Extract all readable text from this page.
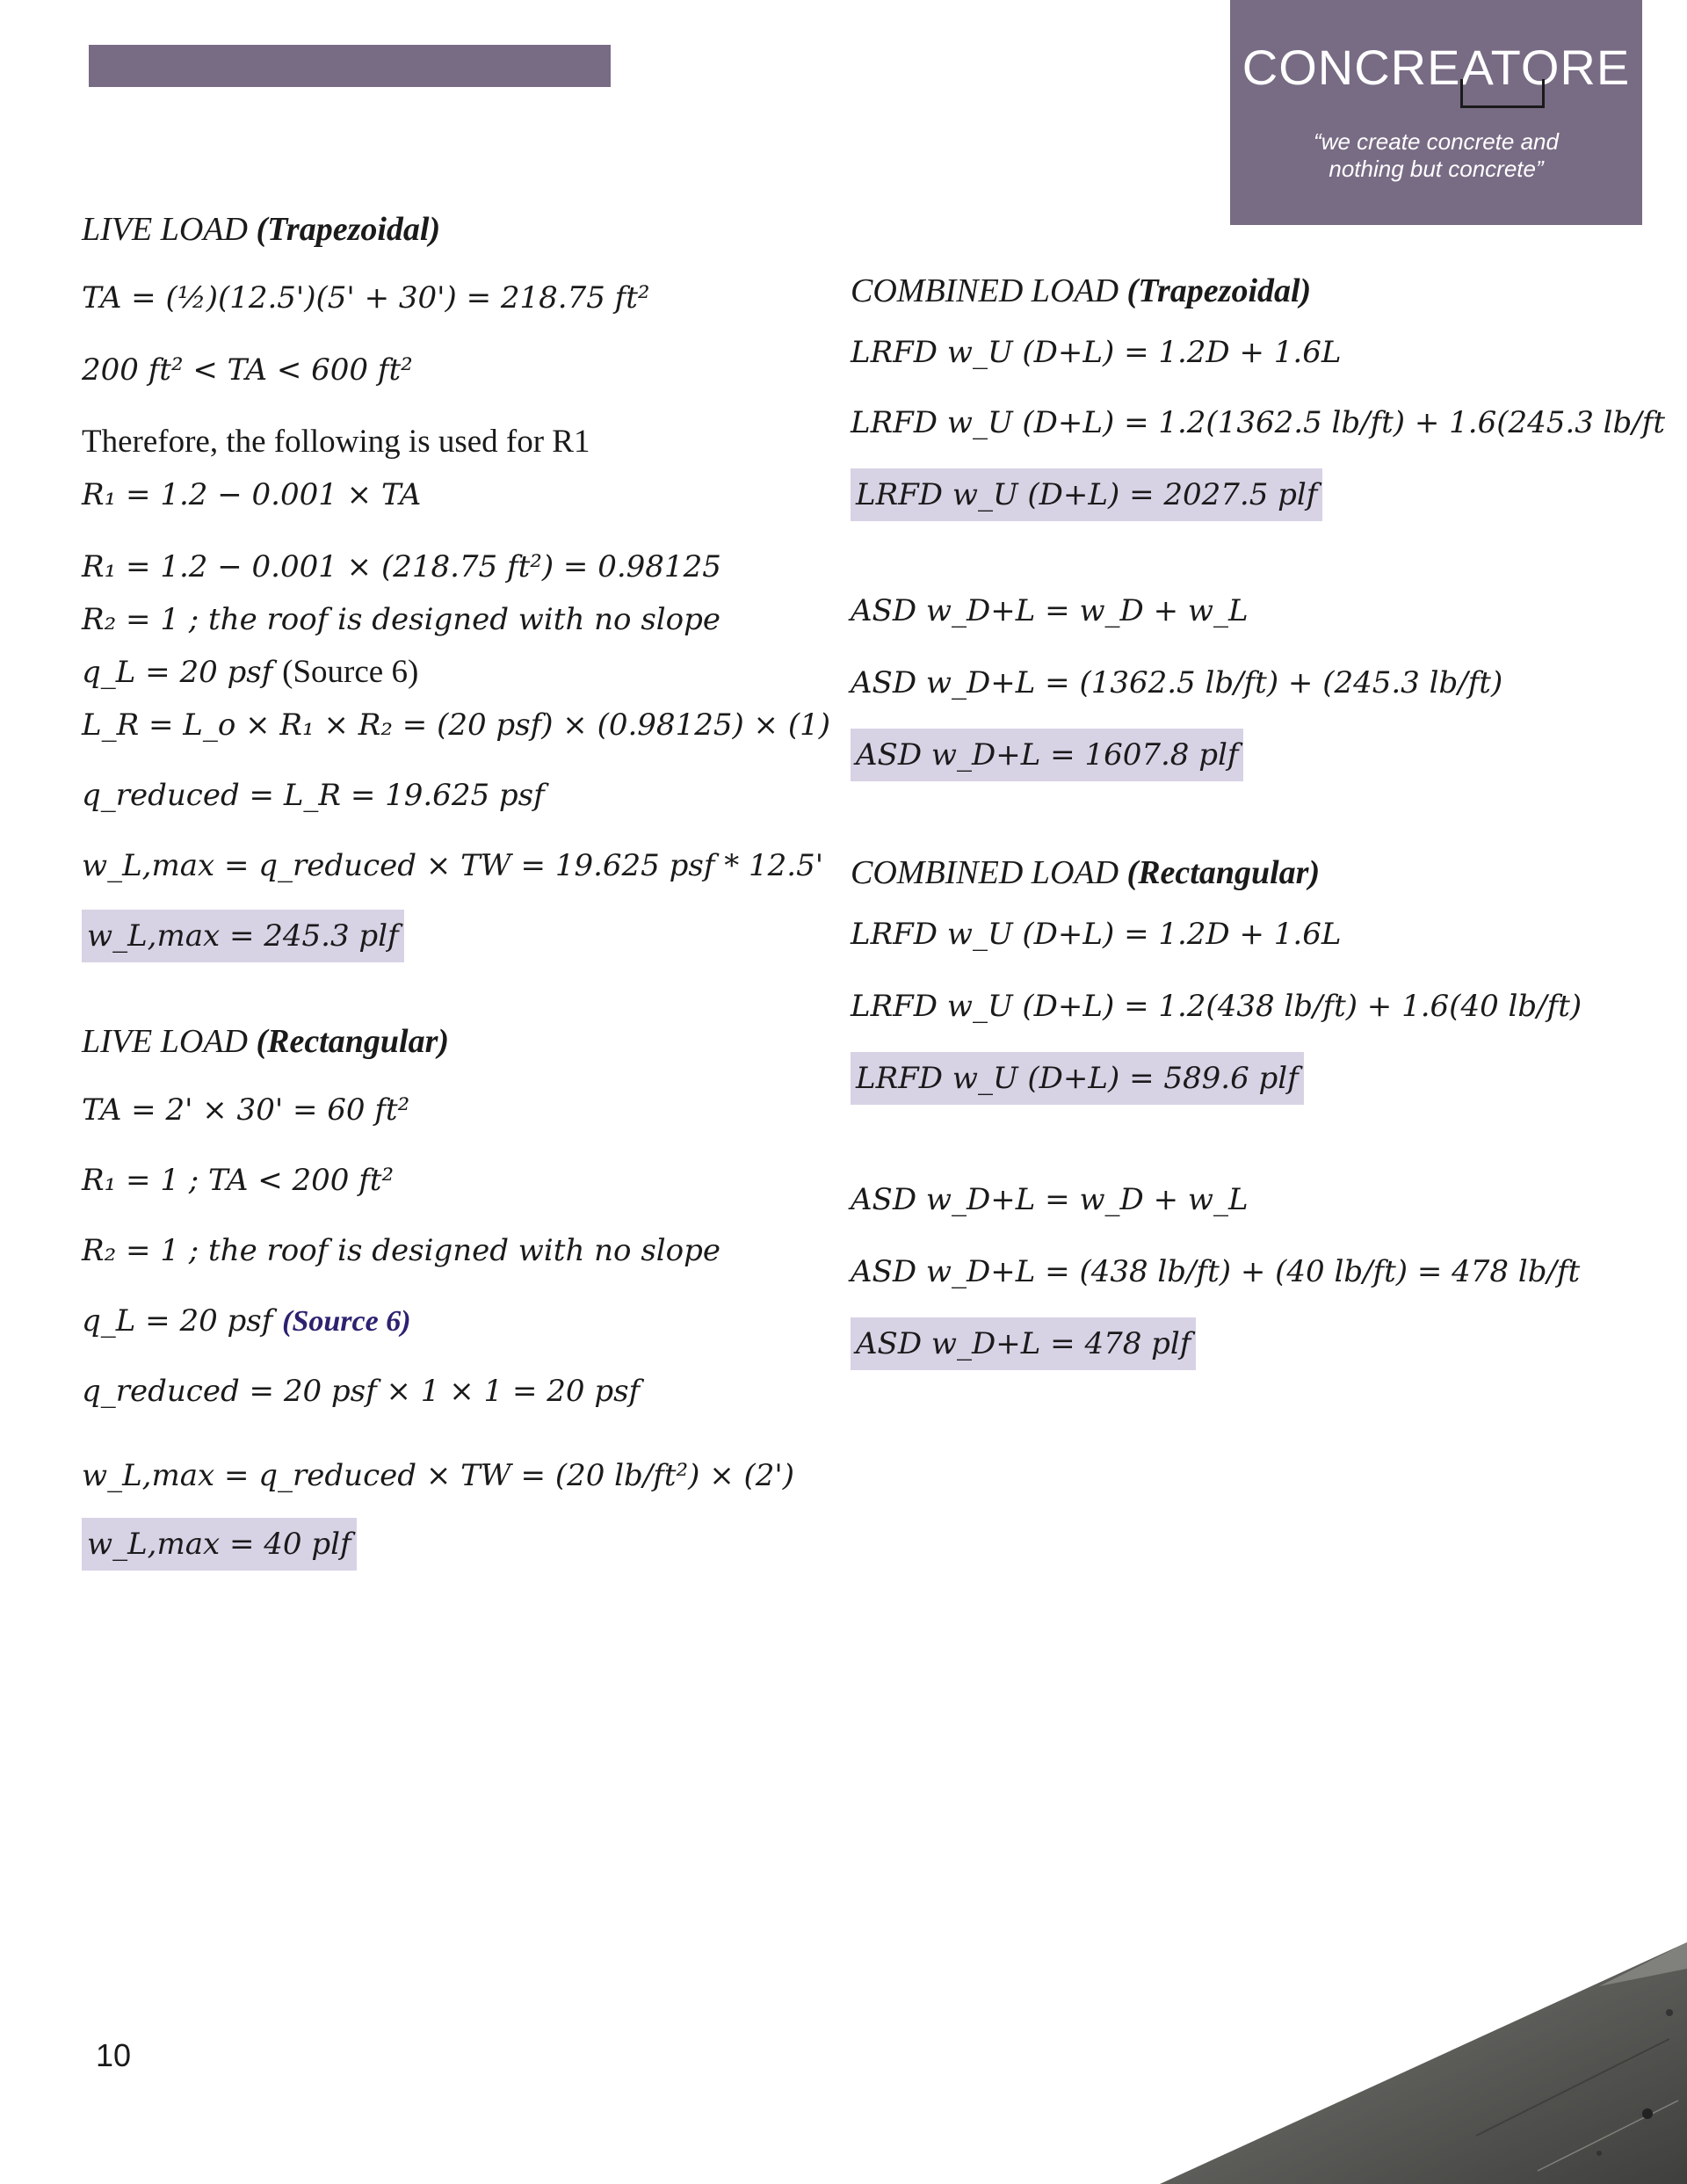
CONCREATORE
“we create concrete and
nothing but concrete”
LIVE LOAD (Trapezoidal)
TA = (½)(12.5')(5' + 30') = 218.75 ft²
200 ft² < TA < 600 ft²
Therefore, the following is used for R1
R₁ = 1.2 − 0.001 × TA
R₁ = 1.2 − 0.001 × (218.75 ft²) = 0.98125
R₂ = 1 ; the roof is designed with no slope
q_L = 20 psf (Source 6)
L_R = L_o × R₁ × R₂ = (20 psf) × (0.98125) × (1)
q_reduced = L_R = 19.625 psf
w_L,max = q_reduced × TW = 19.625 psf * 12.5'
w_L,max = 245.3 plf
LIVE LOAD (Rectangular)
TA = 2' × 30' = 60 ft²
R₁ = 1 ; TA < 200 ft²
R₂ = 1 ; the roof is designed with no slope
q_L = 20 psf (Source 6)
q_reduced = 20 psf × 1 × 1 = 20 psf
w_L,max = q_reduced × TW = (20 lb/ft²) × (2')
w_L,max = 40 plf
COMBINED LOAD (Trapezoidal)
LRFD w_U (D+L) = 1.2D + 1.6L
LRFD w_U (D+L) = 1.2(1362.5 lb/ft) + 1.6(245.3 lb/ft
LRFD w_U (D+L) = 2027.5 plf
ASD w_D+L = w_D + w_L
ASD w_D+L = (1362.5 lb/ft) + (245.3 lb/ft)
ASD w_D+L = 1607.8 plf
COMBINED LOAD (Rectangular)
LRFD w_U (D+L) = 1.2D + 1.6L
LRFD w_U (D+L) = 1.2(438 lb/ft) + 1.6(40 lb/ft)
LRFD w_U (D+L) = 589.6 plf
ASD w_D+L = w_D + w_L
ASD w_D+L = (438 lb/ft) + (40 lb/ft) = 478 lb/ft
ASD w_D+L = 478 plf
10
